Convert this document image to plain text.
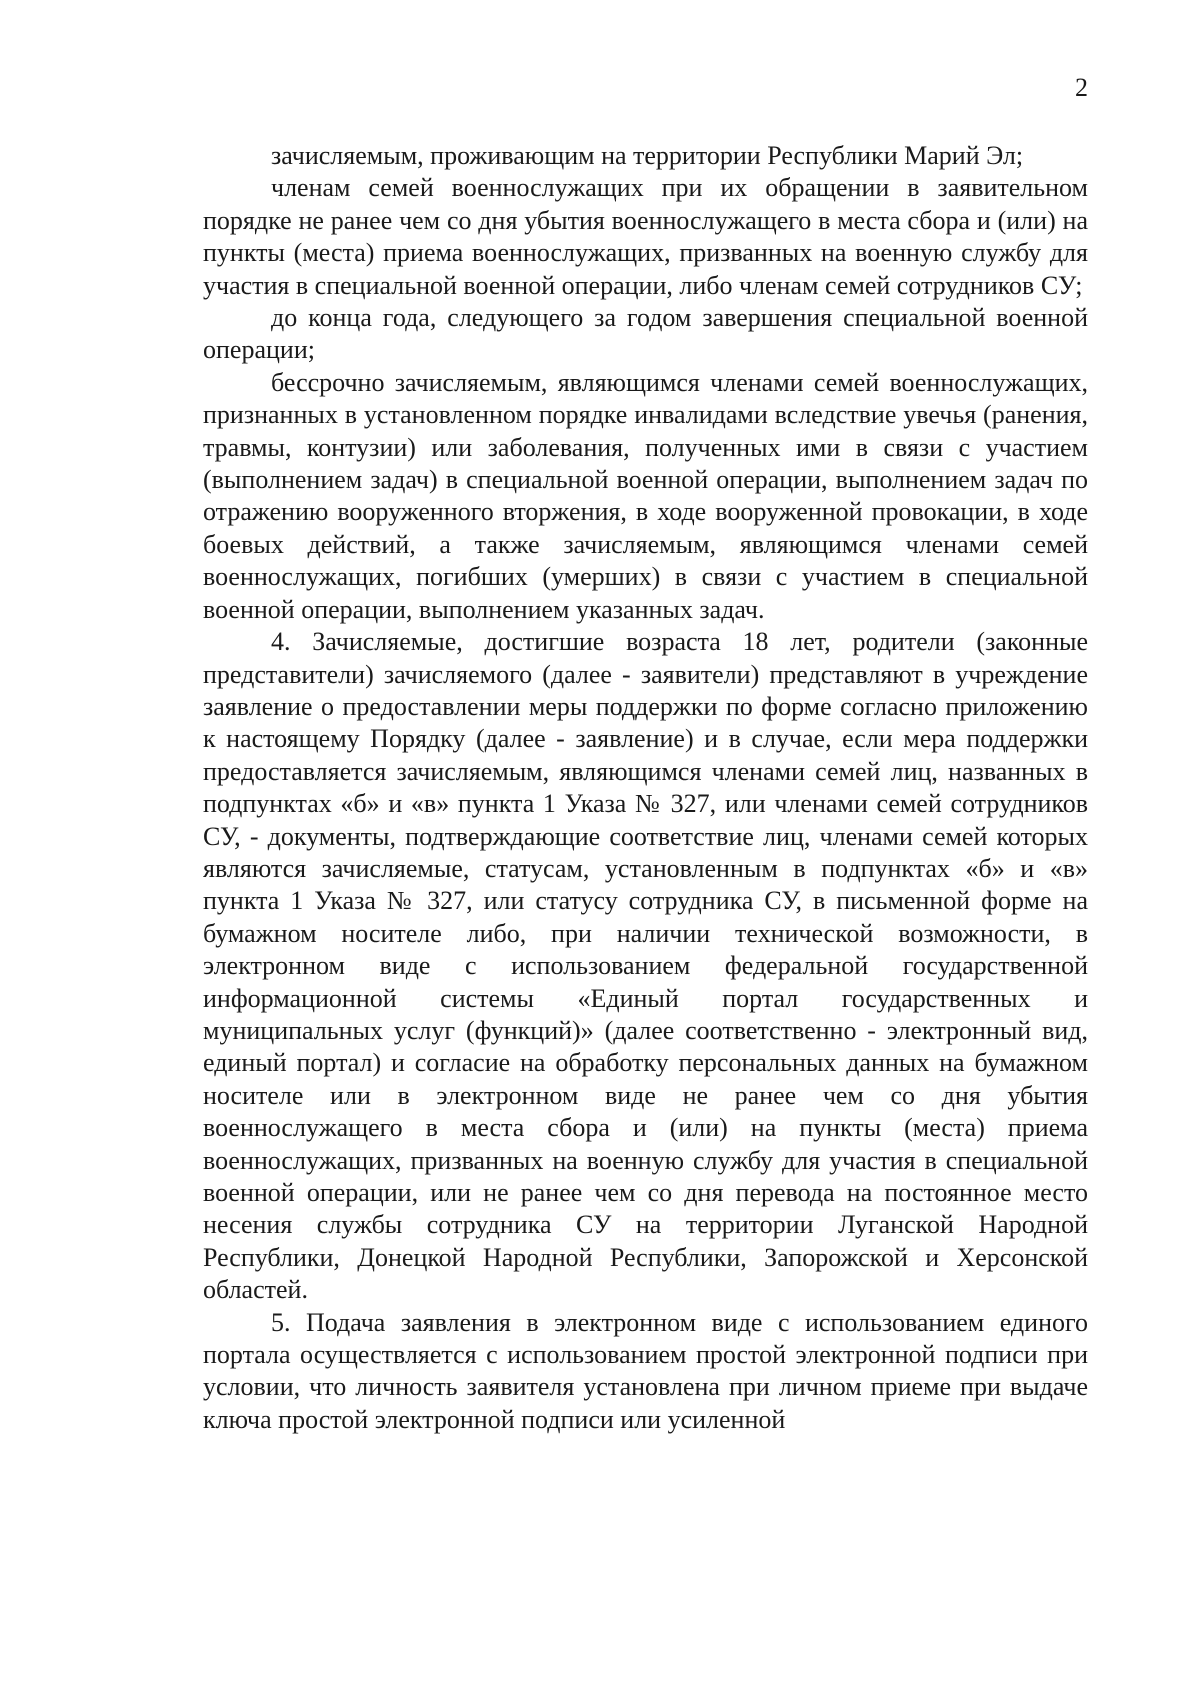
2

зачисляемым, проживающим на территории Республики Марий Эл;

членам семей военнослужащих при их обращении в заявительном порядке не ранее чем со дня убытия военнослужащего в места сбора и (или) на пункты (места) приема военнослужащих, призванных на военную службу для участия в специальной военной операции, либо членам семей сотрудников СУ;

до конца года, следующего за годом завершения специальной военной операции;

бессрочно зачисляемым, являющимся членами семей военнослужащих, признанных в установленном порядке инвалидами вследствие увечья (ранения, травмы, контузии) или заболевания, полученных ими в связи с участием (выполнением задач) в специальной военной операции, выполнением задач по отражению вооруженного вторжения, в ходе вооруженной провокации, в ходе боевых действий, а также зачисляемым, являющимся членами семей военнослужащих, погибших (умерших) в связи с участием в специальной военной операции, выполнением указанных задач.

4. Зачисляемые, достигшие возраста 18 лет, родители (законные представители) зачисляемого (далее - заявители) представляют в учреждение заявление о предоставлении меры поддержки по форме согласно приложению к настоящему Порядку (далее - заявление) и в случае, если мера поддержки предоставляется зачисляемым, являющимся членами семей лиц, названных в подпунктах «б» и «в» пункта 1 Указа № 327, или членами семей сотрудников СУ, - документы, подтверждающие соответствие лиц, членами семей которых являются зачисляемые, статусам, установленным в подпунктах «б» и «в» пункта 1 Указа № 327, или статусу сотрудника СУ, в письменной форме на бумажном носителе либо, при наличии технической возможности, в электронном виде с использованием федеральной государственной информационной системы «Единый портал государственных и муниципальных услуг (функций)» (далее соответственно - электронный вид, единый портал) и согласие на обработку персональных данных на бумажном носителе или в электронном виде не ранее чем со дня убытия военнослужащего в места сбора и (или) на пункты (места) приема военнослужащих, призванных на военную службу для участия в специальной военной операции, или не ранее чем со дня перевода на постоянное место несения службы сотрудника СУ на территории Луганской Народной Республики, Донецкой Народной Республики, Запорожской и Херсонской областей.

5. Подача заявления в электронном виде с использованием единого портала осуществляется с использованием простой электронной подписи при условии, что личность заявителя установлена при личном приеме при выдаче ключа простой электронной подписи или усиленной
